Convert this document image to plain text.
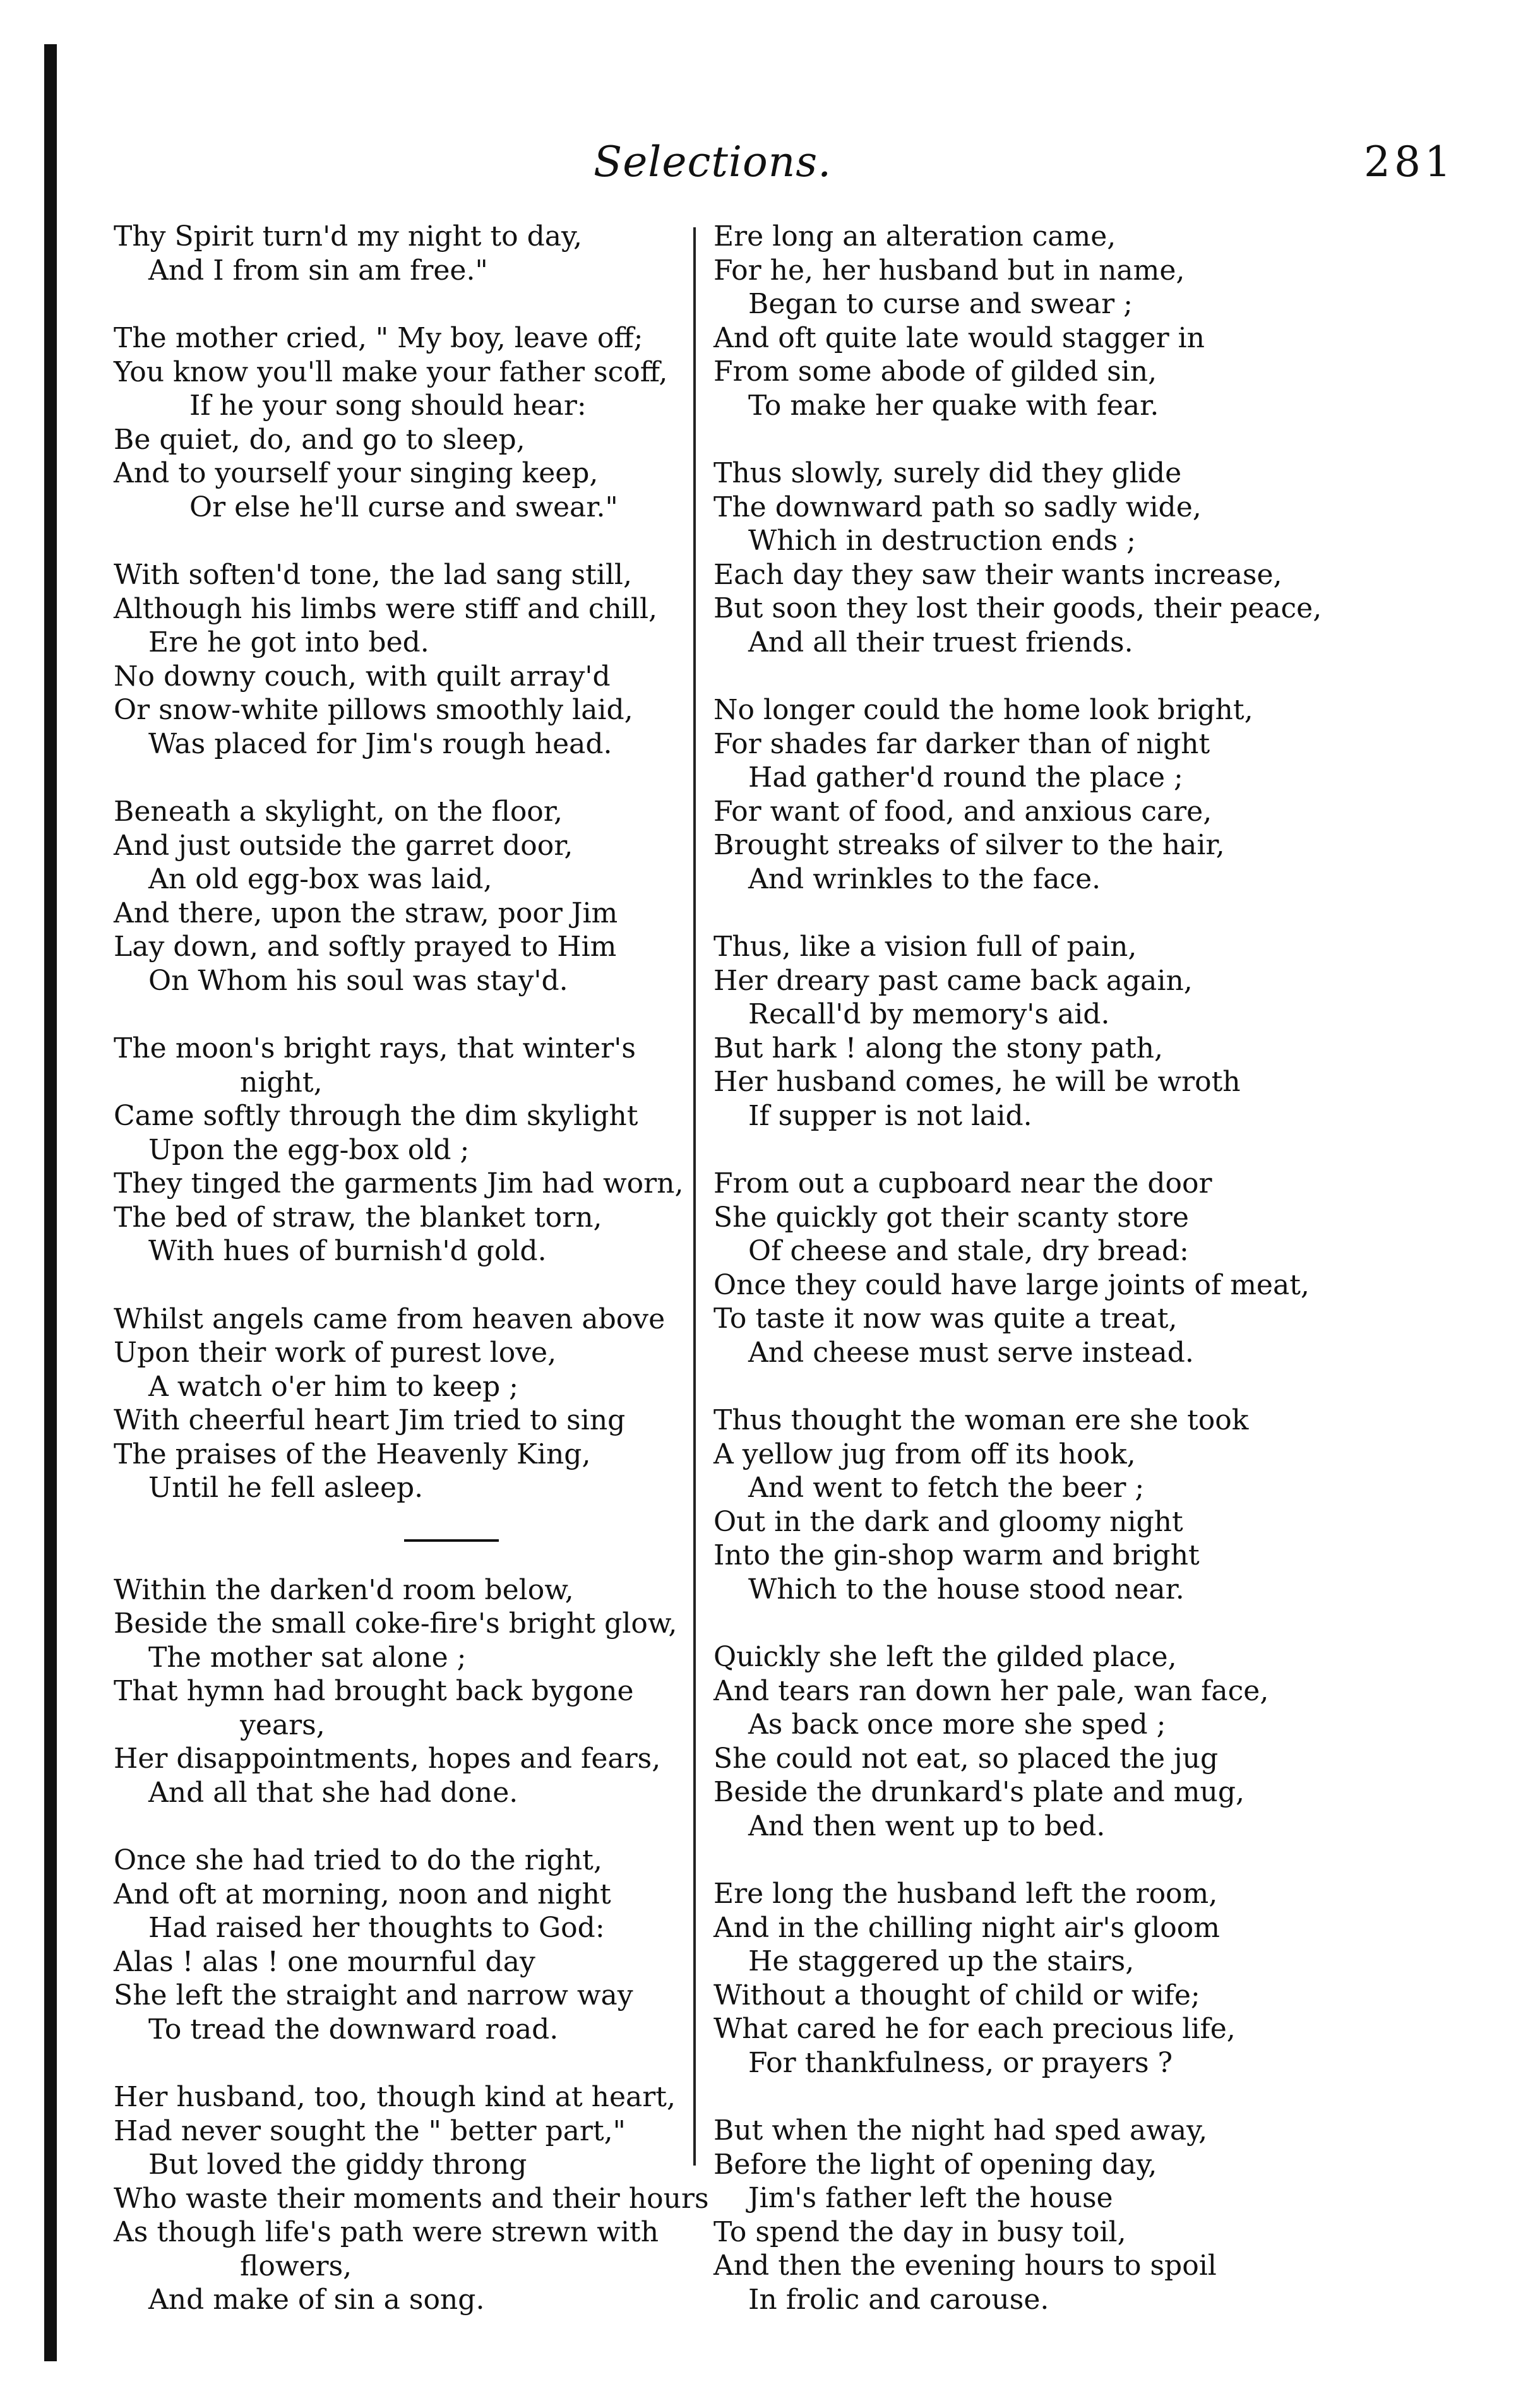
Selections.	281
Thy Spirit turn'd my night to day,
And I from sin am free."
The mother cried, " My boy, leave off;
You know you'll make your father scoff,
If he your song should hear:
Be quiet, do, and go to sleep,
And to yourself your singing keep,
Or else he'll curse and swear."
With soften'd tone, the lad sang still,
Although his limbs were stiff and chill,
Ere he got into bed.
No downy couch, with quilt array'd
Or snow-white pillows smoothly laid,
Was placed for Jim's rough head.
Beneath a skylight, on the floor,
And just outside the garret door,
An old egg-box was laid,
And there, upon the straw, poor Jim
Lay down, and softly prayed to Him
On Whom his soul was stay'd.
The moon's bright rays, that winter's
night,
Came softly through the dim skylight
Upon the egg-box old ;
They tinged the garments Jim had worn,
The bed of straw, the blanket torn,
With hues of burnish'd gold.
Whilst angels came from heaven above
Upon their work of purest love,
A watch o'er him to keep ;
With cheerful heart Jim tried to sing
The praises of the Heavenly King,
Until he fell asleep.
Within the darken'd room below,
Beside the small coke-fire's bright glow,
The mother sat alone ;
That hymn had brought back bygone
years,
Her disappointments, hopes and fears,
And all that she had done.
Once she had tried to do the right,
And oft at morning, noon and night
Had raised her thoughts to God:
Alas ! alas ! one mournful day
She left the straight and narrow way
To tread the downward road.
Her husband, too, though kind at heart,
Had never sought the " better part,"
But loved the giddy throng
Who waste their moments and their hours
As though life's path were strewn with
flowers,
And make of sin a song.
Ere long an alteration came,
For he, her husband but in name,
Began to curse and swear ;
And oft quite late would stagger in
From some abode of gilded sin,
To make her quake with fear.
Thus slowly, surely did they glide
The downward path so sadly wide,
Which in destruction ends ;
Each day they saw their wants increase,
But soon they lost their goods, their peace,
And all their truest friends.
No longer could the home look bright,
For shades far darker than of night
Had gather'd round the place ;
For want of food, and anxious care,
Brought streaks of silver to the hair,
And wrinkles to the face.
Thus, like a vision full of pain,
Her dreary past came back again,
Recall'd by memory's aid.
But hark ! along the stony path,
Her husband comes, he will be wroth
If supper is not laid.
From out a cupboard near the door
She quickly got their scanty store
Of cheese and stale, dry bread:
Once they could have large joints of meat,
To taste it now was quite a treat,
And cheese must serve instead.
Thus thought the woman ere she took
A yellow jug from off its hook,
And went to fetch the beer ;
Out in the dark and gloomy night
Into the gin-shop warm and bright
Which to the house stood near.
Quickly she left the gilded place,
And tears ran down her pale, wan face,
As back once more she sped ;
She could not eat, so placed the jug
Beside the drunkard's plate and mug,
And then went up to bed.
Ere long the husband left the room,
And in the chilling night air's gloom
He staggered up the stairs,
Without a thought of child or wife;
What cared he for each precious life,
For thankfulness, or prayers ?
But when the night had sped away,
Before the light of opening day,
Jim's father left the house
To spend the day in busy toil,
And then the evening hours to spoil
In frolic and carouse.
